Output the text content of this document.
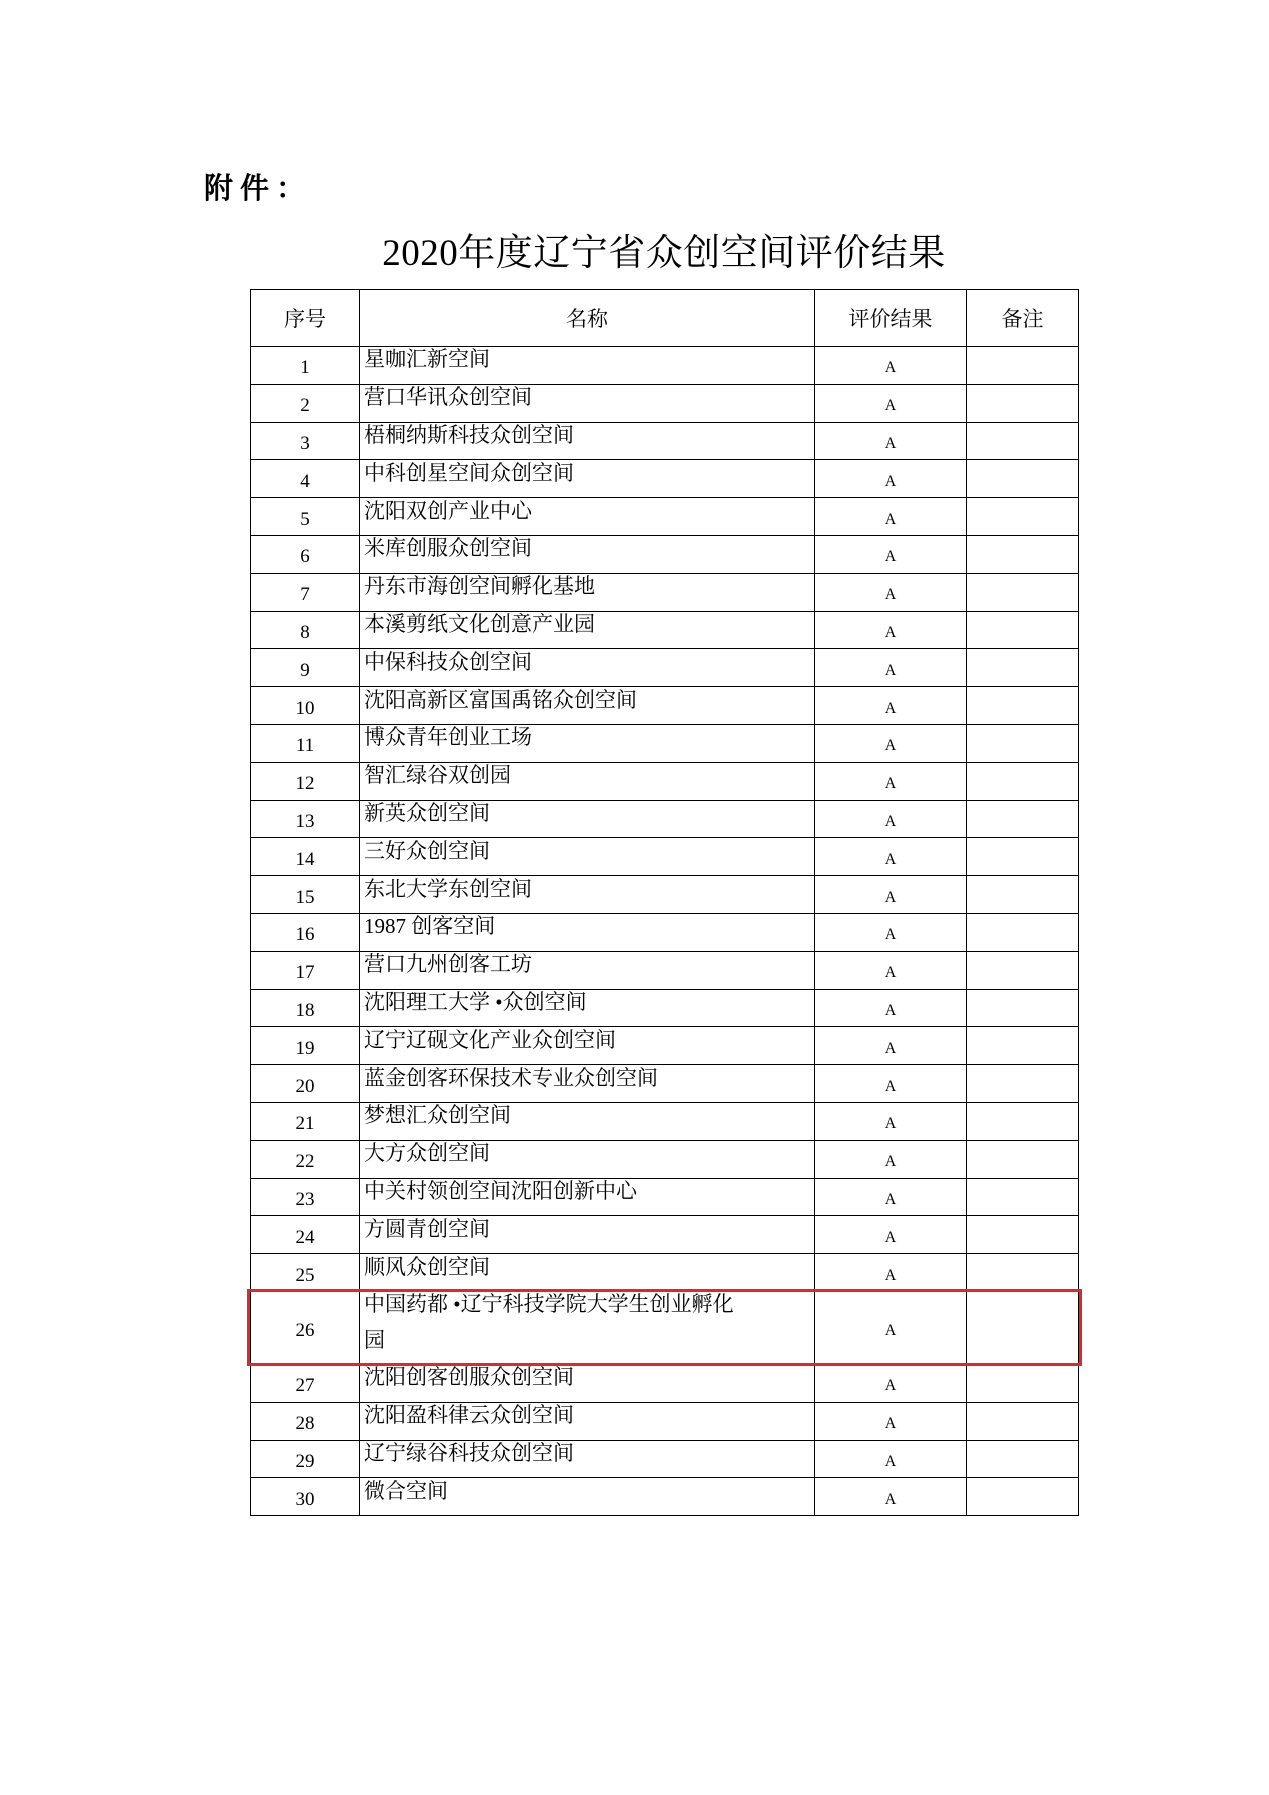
附件：
2020年度辽宁省众创空间评价结果
序号	名称	评价结果	备注
1	星咖汇新空间	A	
2	营口华讯众创空间	A	
3	梧桐纳斯科技众创空间	A	
4	中科创星空间众创空间	A	
5	沈阳双创产业中心	A	
6	米库创服众创空间	A	
7	丹东市海创空间孵化基地	A	
8	本溪剪纸文化创意产业园	A	
9	中保科技众创空间	A	
10	沈阳高新区富国禹铭众创空间	A	
11	博众青年创业工场	A	
12	智汇绿谷双创园	A	
13	新英众创空间	A	
14	三好众创空间	A	
15	东北大学东创空间	A	
16	1987 创客空间	A	
17	营口九州创客工坊	A	
18	沈阳理工大学 •众创空间	A	
19	辽宁辽砚文化产业众创空间	A	
20	蓝金创客环保技术专业众创空间	A	
21	梦想汇众创空间	A	
22	大方众创空间	A	
23	中关村领创空间沈阳创新中心	A	
24	方圆青创空间	A	
25	顺风众创空间	A	
26	中国药都 •辽宁科技学院大学生创业孵化园	A	
27	沈阳创客创服众创空间	A	
28	沈阳盈科律云众创空间	A	
29	辽宁绿谷科技众创空间	A	
30	微合空间	A	
